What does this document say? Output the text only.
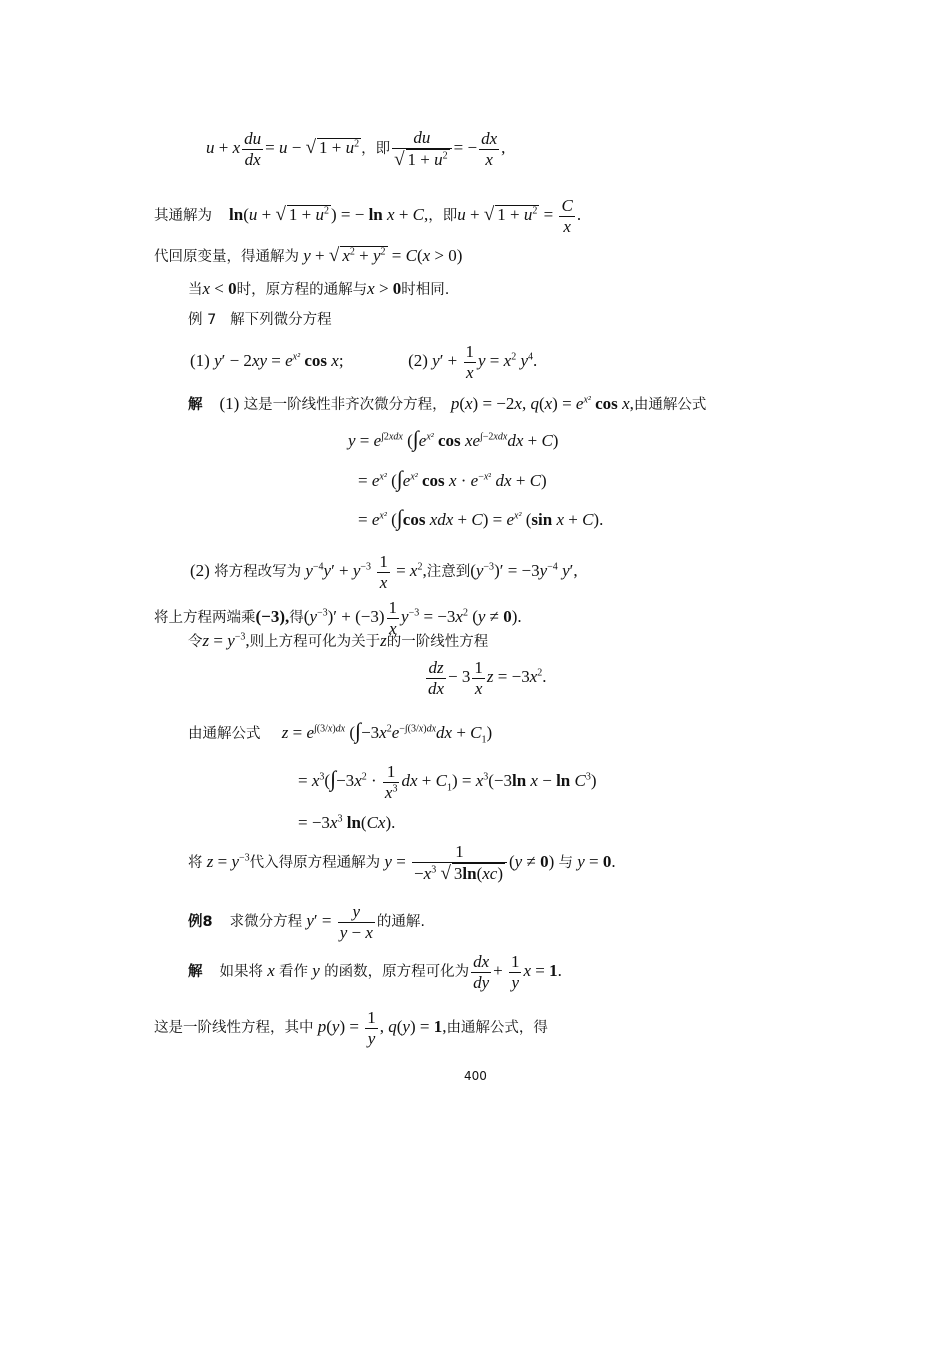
u + x $\frac{du}{dx} = u$ − √ $1 + u^2$ ，即 $\frac{du}{√ 1 + u^2}$ = − $\frac{dx}{x}$ ,
其通解为 ln(u + √ $1 + u^2$ ) = − ln x + C,，即u + √ $1 + u^2 = \frac{C}{x}$ .
代回原变量，得通解为 y + √ $x^2 + y^2 = C(x > 0)$
当x < 0时，原方程的通解与x > 0时相同.
例 7 解下列微分方程
(1) $y' - 2xy = e^{x^2}$ cos x;	(2) $y' + \frac{1}{x}$ $y = x^2$ $y^4$.
解    (1) 这是一阶线性非齐次微分方程， p(x) = −2x, $q(x) = e^{x^2}$ cos x,由通解公式
$y = e^{\int 2xdx}$ ($\int e^{x^2}$ $\cos xe^{\int-2xdx}dx + C$)
= $e^{x^2}$ ($\int e^{x^2}$ $\cos x \cdot e^{-x^2}$ dx + C)
= $e^{x^2}$ (∫cos xdx + $C) = e^{x^2}$ (sin x + C).
(2) 将方程改写为 $y^{-4}y' + y^{-3} \frac{1}{x} = x^2$,注意到$(y^{-3})' = -3y^{-4}$ y′,
将上方程两端乘(−3),得$(y^{-3})' + (-3) \frac{1}{x} y^{-3} = -3x^2$ (y ≠ 0).
令$z = y^{-3}$,则上方程可化为关于z的一阶线性方程
$\frac{dz}{dx} - 3 \frac{1}{x}$ $z = -3x^2$.
由通解公式 $z = e^{\int(3/x)dx}$ $(\int-3x^2e^{-\int(3/x)dx}dx + C_1)$
= $x^3(\int-3x^2 \cdot \frac{1}{x^3}$ dx + $C_1) = x^3(-3\ln$ $x - \ln C^3$)
= $-3x^3$ ln(Cx).
将 $z = y^{-3}$代入得原方程通解为 $y = \frac{1}{-x^3 √ 3\ln(xc)} (y \ne 0)$ 与 y = 0.
例8 求微分方程 $y' = \frac{y}{y - x}$ 的通解.
解 如果将 x 看作 y 的函数，原方程可化为 $\frac{dx}{dy} + \frac{1}{y}$ x = 1.
这是一阶线性方程，其中 $p(y) = \frac{1}{y}$ , q(y) = 1,由通解公式，得
400
